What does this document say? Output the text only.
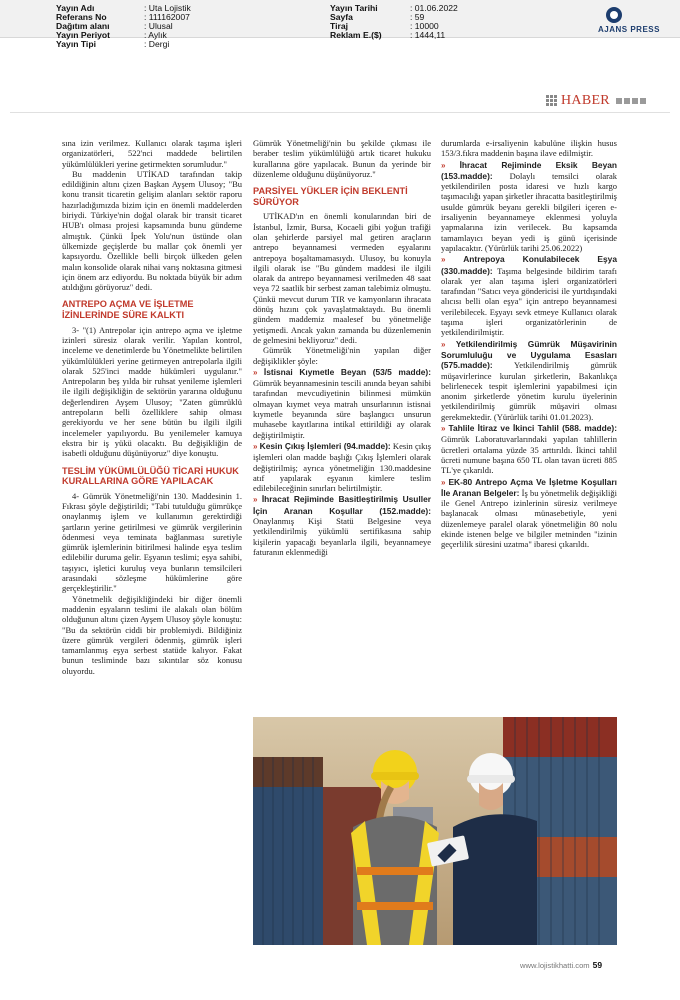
Yayın Adı	: Uta Lojistik
Referans No	: 111162007
Dağıtım alanı	: Ulusal
Yayın Periyot	: Aylık
Yayın Tipi	: Dergi
Yayın Tarihi	: 01.06.2022
Sayfa	: 59
Tiraj	: 10000
Reklam E.($)	: 1444,11
AJANS PRESS
HABER

sına izin verilmez. Kullanıcı olarak taşıma işleri organizatörleri, 522'nci maddede belirtilen yükümlülükleri yerine getirmekten sorumludur."

Bu maddenin UTİKAD tarafından takip edildiğinin altını çizen Başkan Ayşem Ulusoy; "Bu konu transit ticaretin gelişim alanları sektör raporu hazırladığımızda bizim için en önemli maddelerden biriydi. Türkiye'nin doğal olarak bir transit ticaret HUB'ı olması projesi kapsamında bunu gündeme almıştık. Çünkü İpek Yolu'nun üstünde olan ülkemizde geçişlerde bu mallar çok önemli yer kapsıyordu. Özellikle belli birçok ülkeden gelen malın konsolide olarak nihai varış noktasına gitmesi için önem arz ediyordu. Bu noktada büyük bir adım atıldığını görüyoruz" dedi.

ANTREPO AÇMA VE İŞLETME İZİNLERİNDE SÜRE KALKTI

3- "(1) Antrepolar için antrepo açma ve işletme izinleri süresiz olarak verilir. Yapılan kontrol, inceleme ve denetimlerde bu Yönetmelikte belirtilen yükümlülükleri yerine getirmeyen antrepolarla ilgili olarak 525'inci madde hükümleri uygulanır." Antrepoların beş yılda bir ruhsat yenileme işlemleri ile ilgili değişikliğin de sektörün yararına olduğunu değerlendiren Ayşem Ulusoy; "Zaten gümrüklü antrepoların belli özelliklere sahip olması gerekiyordu ve her sene bütün bu ilgili ilgili incelemeler yapılıyordu. Bu yenilemeler kamuya ekstra bir iş yükü olacaktı. Bu değişikliğin de isabetli olduğunu düşünüyoruz" diye konuştu.

TESLİM YÜKÜMLÜLÜĞÜ TİCARİ HUKUK KURALLARINA GÖRE YAPILACAK

4- Gümrük Yönetmeliği'nin 130. Maddesinin 1. Fıkrası şöyle değiştirildi; "Tabi tutulduğu gümrükçe onaylanmış işlem ve kullanımın gerektirdiği şartların yerine getirilmesi ve gümrük vergilerinin ödenmesi veya teminata bağlanması suretiyle gümrük işlemlerinin bitirilmesi halinde eşya teslim edilebilir duruma gelir. Eşyanın teslimi; eşya sahibi, taşıyıcı, işletici kuruluş veya bunların temsilcileri arasındaki sözleşme hükümlerine göre gerçekleştirilir."

Yönetmelik değişikliğindeki bir diğer önemli maddenin eşyaların teslimi ile alakalı olan bölüm olduğunun altını çizen Ayşem Ulusoy şöyle konuştu: "Bu da sektörün ciddi bir problemiydi. Bildiğiniz üzere gümrük vergileri ödenmiş, gümrük işleri tamamlanmış eşya serbest statüde kalıyor. Fakat bunun tesliminde bazı sıkıntılar söz konusu oluyordu.

Gümrük Yönetmeliği'nin bu şekilde çıkması ile beraber teslim yükümlülüğü artık ticaret hukuku kurallarına göre yapılacak. Bunun da yerinde bir düzenleme olduğunu düşünüyoruz."

PARSİYEL YÜKLER İÇİN BEKLENTİ SÜRÜYOR

UTİKAD'ın en önemli konularından biri de İstanbul, İzmir, Bursa, Kocaeli gibi yoğun trafiği olan şehirlerde parsiyel mal getiren araçların antrepo beyannamesi vermeden eşyalarını antrepoya boşaltamamasıydı. Ulusoy, bu konuyla ilgili olarak ise "Bu gündem maddesi ile ilgili olarak da antrepo beyannamesi verilmeden 48 saat veya 72 saatlik bir serbest zaman talebimiz olmuştu. Çünkü mevcut durum TIR ve kamyonların ihracata dönüş hızını çok yavaşlatmaktaydı. Bu önemli gündem maddemiz maalesef bu yönetmeliğe yetişmedi. Ancak yakın zamanda bu düzenlemenin de gelmesini bekliyoruz" dedi.

Gümrük Yönetmeliği'nin yapılan diğer değişiklikler şöyle:

» İstisnai Kıymetle Beyan (53/5 madde): Gümrük beyannamesinin tescili anında beyan sahibi tarafından mevcudiyetinin bilinmesi mümkün olmayan kıymet veya matrah unsurlarının istisnai kıymetle beyanında süre başlangıcı unsurun muhasebe kayıtlarına intikal ettirildiği ay olarak değiştirilmiştir.
» Kesin Çıkış İşlemleri (94.madde): Kesin çıkış işlemleri olan madde başlığı Çıkış İşlemleri olarak değiştirilmiş; ayrıca yönetmeliğin 130.maddesine atıf yapılarak eşyanın kimlere teslim edilebileceğinin sınırları belirtilmiştir.
» İhracat Rejiminde Basitleştirilmiş Usuller İçin Aranan Koşullar (152.madde): Onaylanmış Kişi Statü Belgesine veya yetkilendirilmiş yükümlü sertifikasına sahip kişilerin yapacağı beyanlarla ilgili, beyannameye faturanın eklenmediği

durumlarda e-irsaliyenin kabulüne ilişkin husus 153/3.fıkra maddenin başına ilave edilmiştir.

» İhracat Rejiminde Eksik Beyan (153.madde): Dolaylı temsilci olarak yetkilendirilen posta idaresi ve hızlı kargo taşımacılığı yapan şirketler ihracatta basitleştirilmiş usulde gümrük beyanı gerekli bilgileri içeren e-irsaliyenin beyannameye eklenmesi yoluyla yapmalarına izin verilecek. Bu kapsamda tamamlayıcı beyan yedi iş günü içerisinde yapılacaktır. (Yürürlük tarihi 25.06.2022)
» Antrepoya Konulabilecek Eşya (330.madde): Taşıma belgesinde bildirim tarafı olarak yer alan taşıma işleri organizatörleri tarafından "Satıcı veya göndericisi ile yurtdışındaki alıcısı belli olan eşya" için antrepo beyannamesi verilebilecek. Eşyayı sevk etmeye Kullanıcı olarak taşıma işleri organizatörlerinin de yetkilendirilmiştir.
» Yetkilendirilmiş Gümrük Müşavirinin Sorumluluğu ve Uygulama Esasları (575.madde): Yetkilendirilmiş gümrük müşavirlerince kurulan şirketlerin, Bakanlıkça belirlenecek tespit işlemlerini yapabilmesi için anonim şirketlerde yönetim kurulu üyelerinin yetkilendirilmiş gümrük müşaviri olması gerekmektedir. (Yürürlük tarihi 01.01.2023).
» Tahlile İtiraz ve İkinci Tahlil (588. madde): Gümrük Laboratuvarlarındaki yapılan tahlillerin ücretleri ortalama yüzde 35 arttırıldı. İkinci tahlil ücreti numune başına 650 TL olan tavan ücreti 885 TL'ye çıkarıldı.
» EK-80 Antrepo Açma Ve İşletme Koşulları İle Aranan Belgeler: İş bu yönetmelik değişikliği ile Genel Antrepo izinlerinin süresiz verilmeye başlanacak olması münasebetiyle, yeni düzenlemeye paralel olarak yönetmeliğin 80 nolu ekinde istenen belge ve bilgiler metninden "izinin geçerlilik süresini uzatma" ibaresi çıkarıldı.
www.lojistikhatti.com 59
